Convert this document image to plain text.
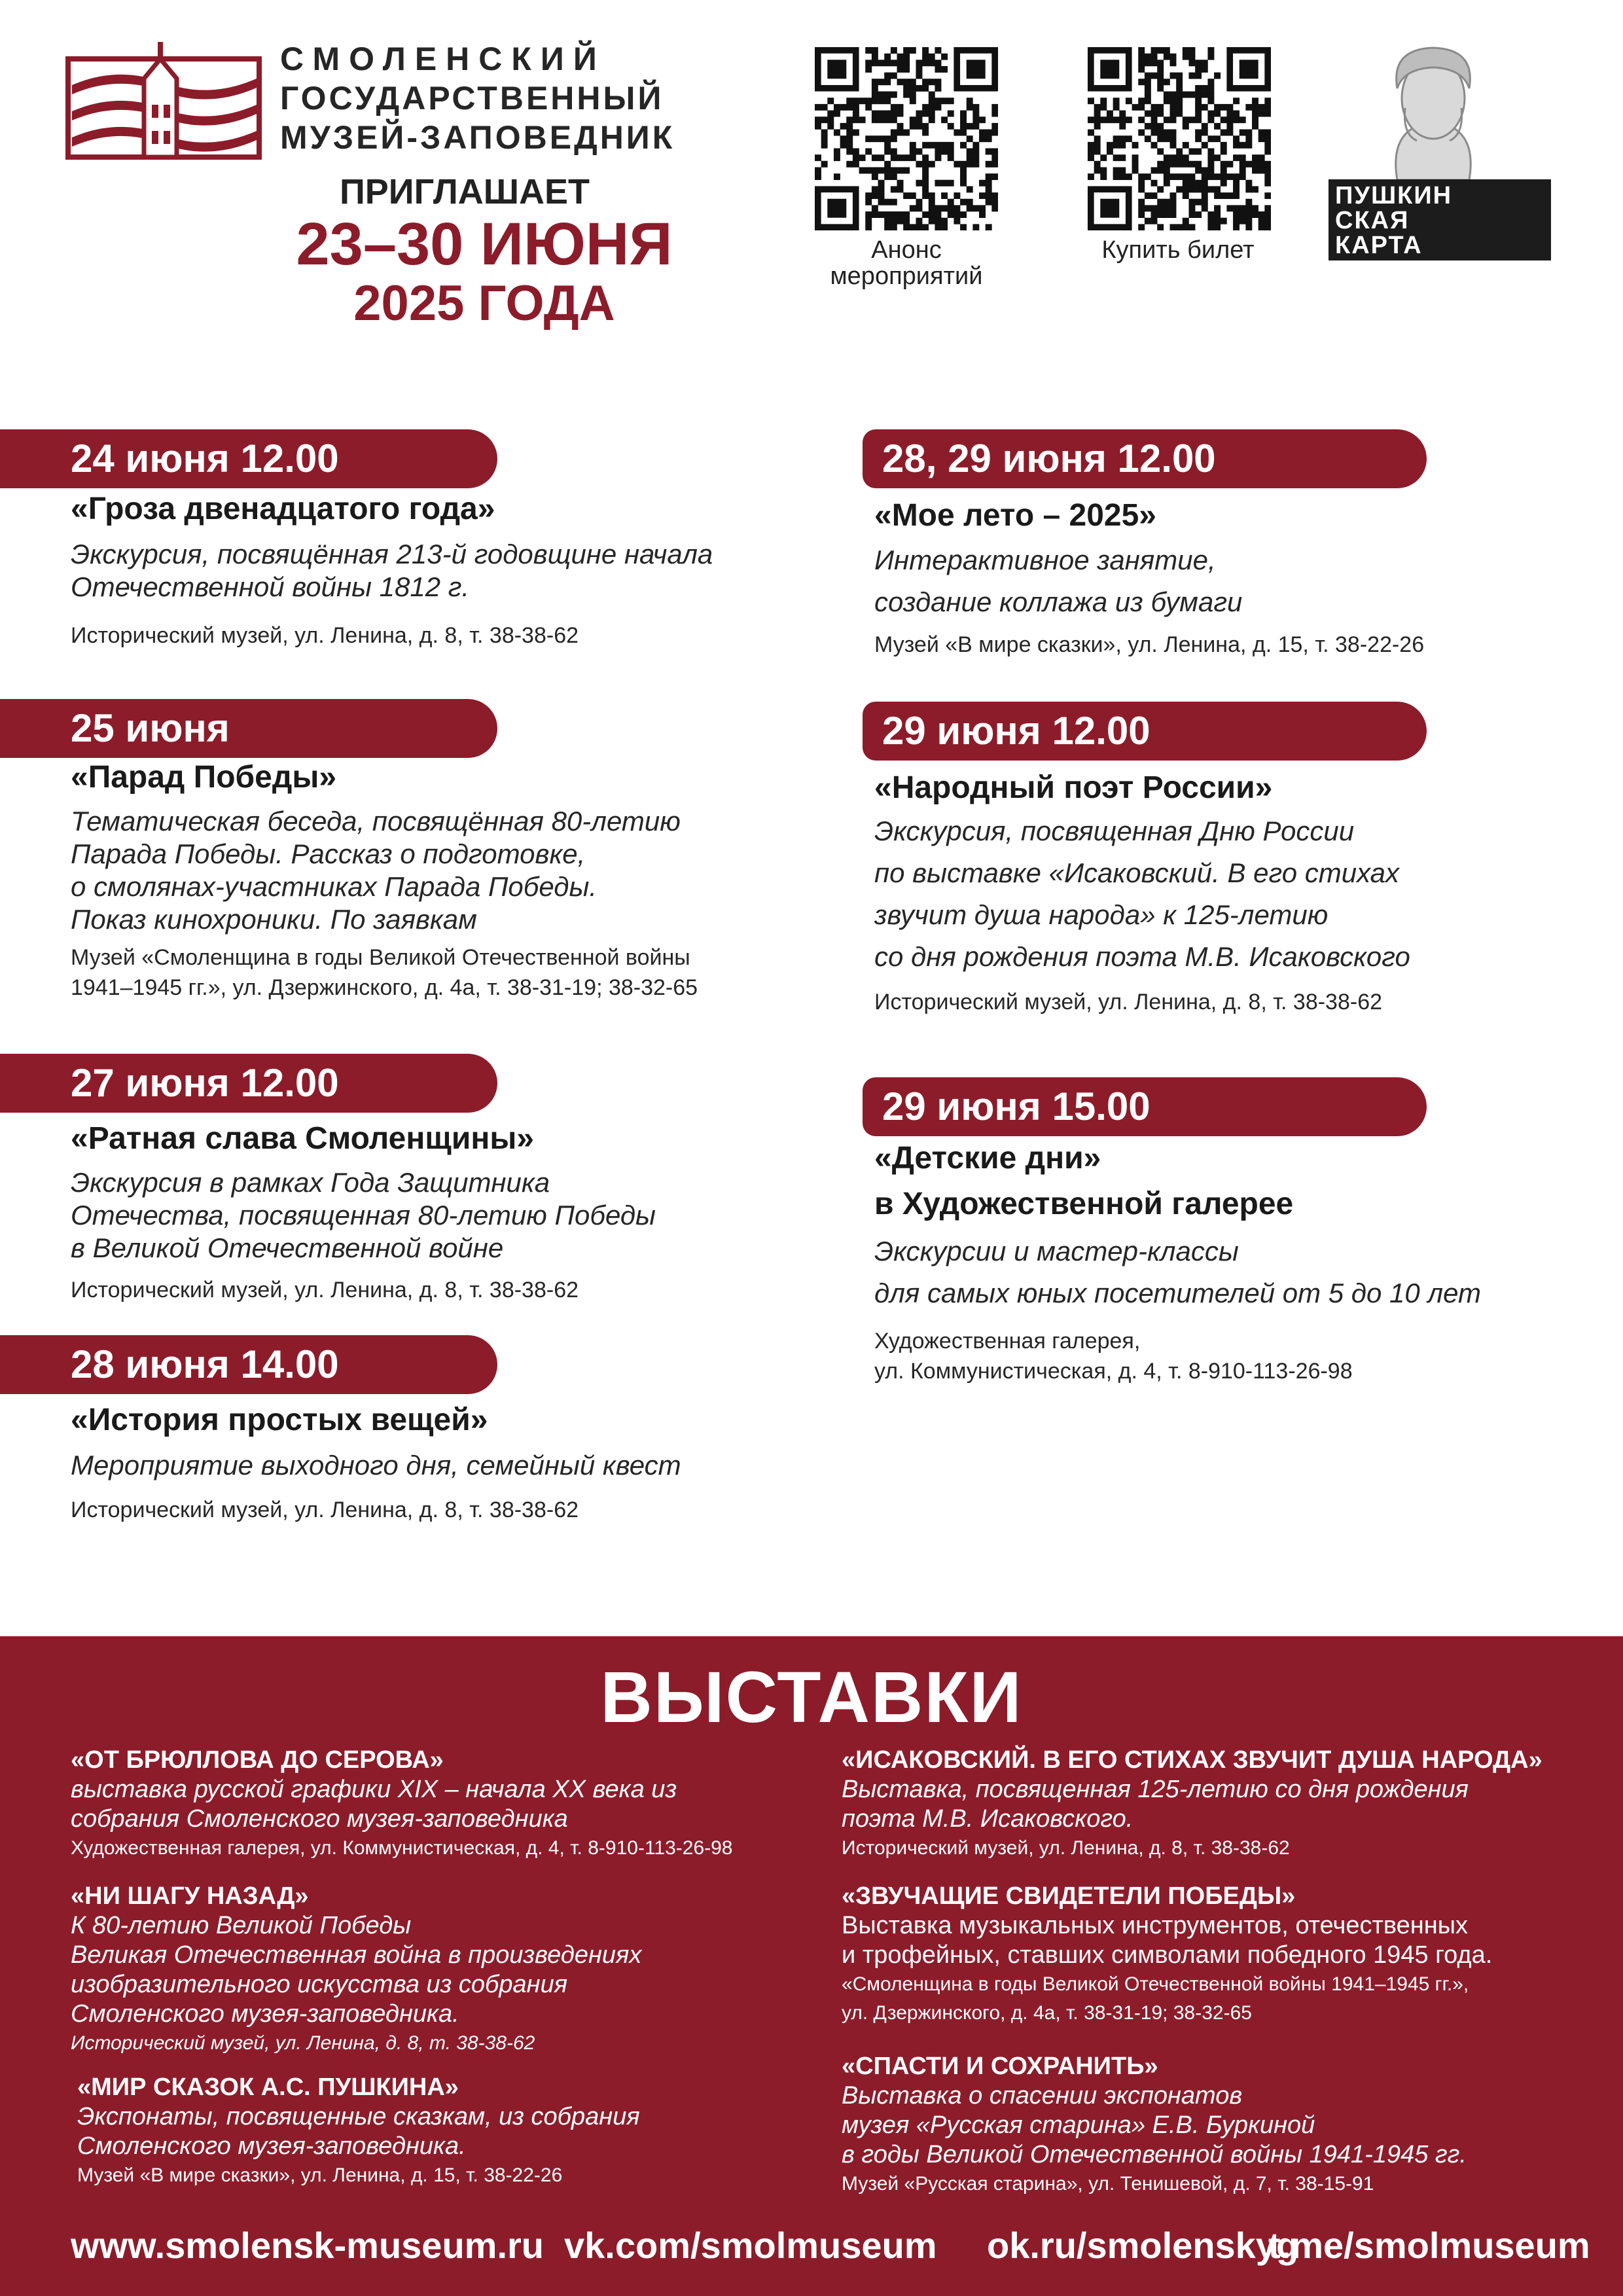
СМОЛЕНСКИЙ
ГОСУДАРСТВЕННЫЙ
МУЗЕЙ-ЗАПОВЕДНИК
ПРИГЛАШАЕТ
23–30 ИЮНЯ
2025 ГОДА
Анонс
мероприятий
Купить билет
ПУШКИН
СКАЯ
КАРТА
24 июня 12.00
«Гроза двенадцатого года»
Экскурсия, посвящённая 213-й годовщине начала
Отечественной войны 1812 г.
Исторический музей, ул. Ленина, д. 8, т. 38-38-62
25 июня
«Парад Победы»
Тематическая беседа, посвящённая 80-летию
Парада Победы. Рассказ о подготовке,
о смолянах-участниках Парада Победы.
Показ кинохроники. По заявкам
Музей «Смоленщина в годы Великой Отечественной войны
1941–1945 гг.», ул. Дзержинского, д. 4а, т. 38-31-19; 38-32-65
27 июня 12.00
«Ратная слава Смоленщины»
Экскурсия в рамках Года Защитника
Отечества, посвященная 80-летию Победы
в Великой Отечественной войне
Исторический музей, ул. Ленина, д. 8, т. 38-38-62
28 июня 14.00
«История простых вещей»
Мероприятие выходного дня, семейный квест
Исторический музей, ул. Ленина, д. 8, т. 38-38-62
28, 29 июня 12.00
«Мое лето – 2025»
Интерактивное занятие,
создание коллажа из бумаги
Музей «В мире сказки», ул. Ленина, д. 15, т. 38-22-26
29 июня 12.00
«Народный поэт России»
Экскурсия, посвященная Дню России
по выставке «Исаковский. В его стихах
звучит душа народа» к 125-летию
со дня рождения поэта М.В. Исаковского
Исторический музей, ул. Ленина, д. 8, т. 38-38-62
29 июня 15.00
«Детские дни»
в Художественной галерее
Экскурсии и мастер-классы
для самых юных посетителей от 5 до 10 лет
Художественная галерея,
ул. Коммунистическая, д. 4, т. 8-910-113-26-98
ВЫСТАВКИ
«ОТ БРЮЛЛОВА ДО СЕРОВА»
выставка русской графики XIX – начала XX века из
собрания Смоленского музея-заповедника
Художественная галерея, ул. Коммунистическая, д. 4, т. 8-910-113-26-98
«НИ ШАГУ НАЗАД»
К 80-летию Великой Победы
Великая Отечественная война в произведениях
изобразительного искусства из собрания
Смоленского музея-заповедника.
Исторический музей, ул. Ленина, д. 8, т. 38-38-62
«МИР СКАЗОК А.С. ПУШКИНА»
Экспонаты, посвященные сказкам, из собрания
Смоленского музея-заповедника.
Музей «В мире сказки», ул. Ленина, д. 15, т. 38-22-26
«ИСАКОВСКИЙ. В ЕГО СТИХАХ ЗВУЧИТ ДУША НАРОДА»
Выставка, посвященная 125-летию со дня рождения
поэта М.В. Исаковского.
Исторический музей, ул. Ленина, д. 8, т. 38-38-62
«ЗВУЧАЩИЕ СВИДЕТЕЛИ ПОБЕДЫ»
Выставка музыкальных инструментов, отечественных
и трофейных, ставших символами победного 1945 года.
«Смоленщина в годы Великой Отечественной войны 1941–1945 гг.»,
ул. Дзержинского, д. 4а, т. 38-31-19; 38-32-65
«СПАСТИ И СОХРАНИТЬ»
Выставка о спасении экспонатов
музея «Русская старина» Е.В. Буркиной
в годы Великой Отечественной войны 1941-1945 гг.
Музей «Русская старина», ул. Тенишевой, д. 7, т. 38-15-91
www.smolensk-museum.ru vk.com/smolmuseum ok.ru/smolenskyg
t.me/smolmuseum
